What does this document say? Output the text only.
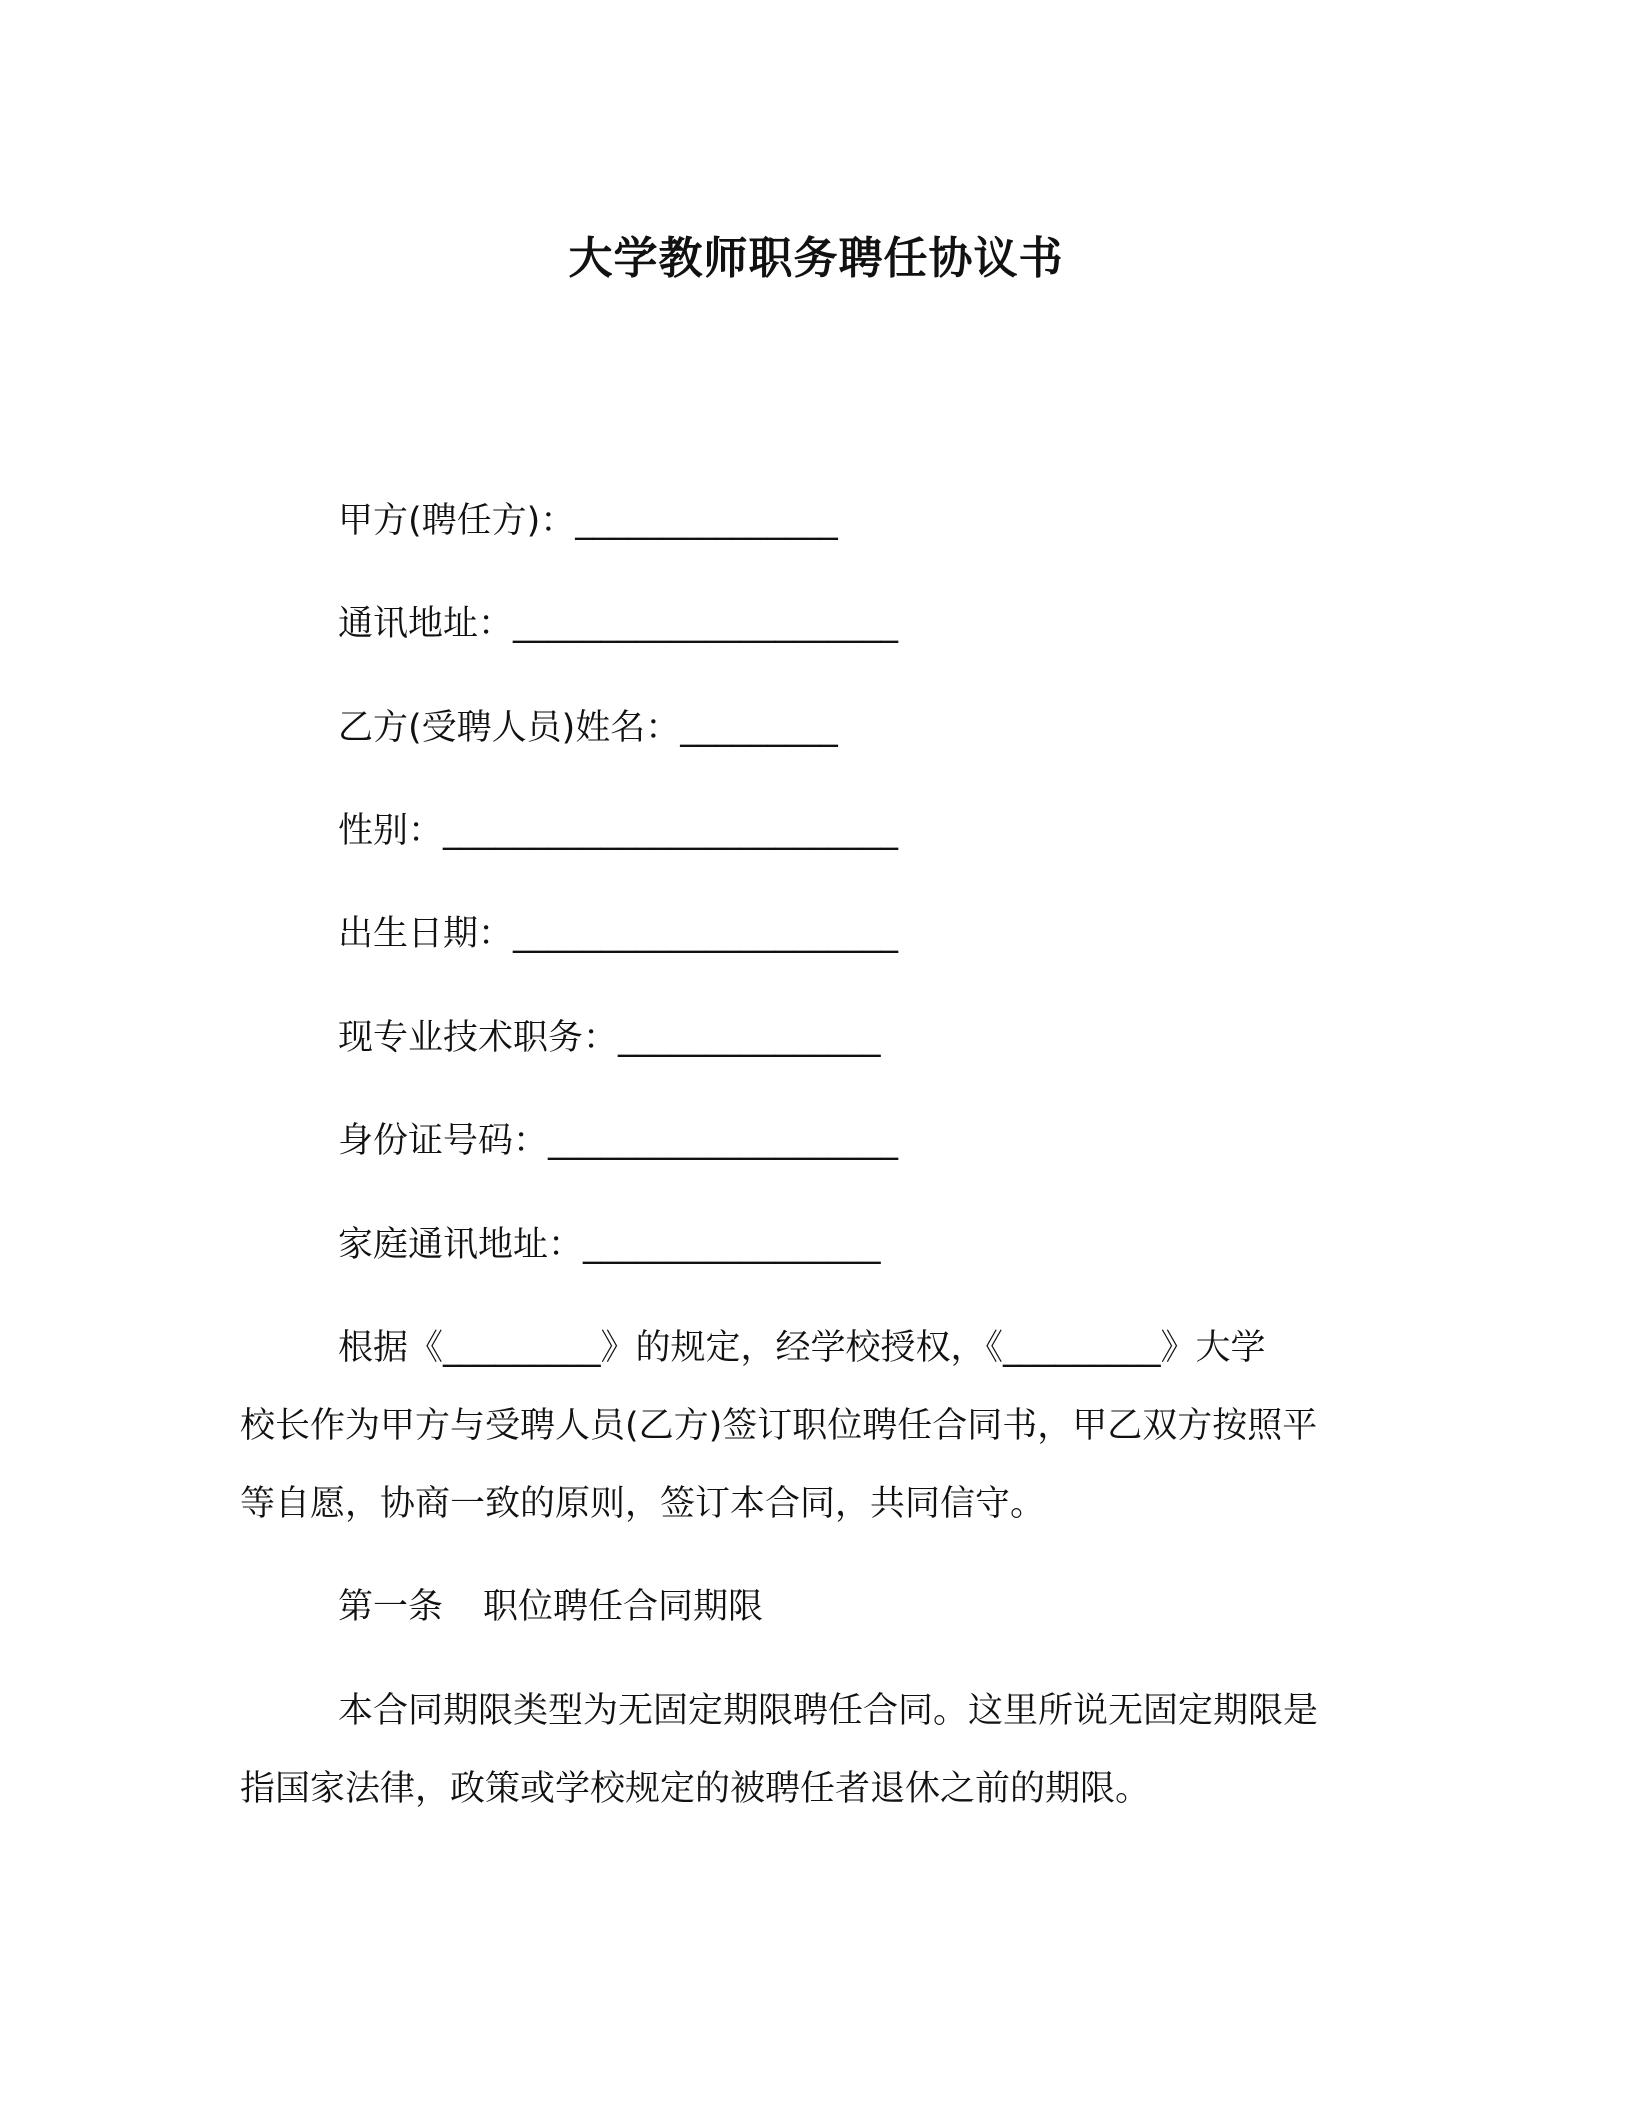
大学教师职务聘任协议书

甲方(聘任方)：_______________

通讯地址：______________________

乙方(受聘人员)姓名：_________

性别：__________________________

出生日期：______________________

现专业技术职务：_______________

身份证号码：____________________

家庭通讯地址：_________________

根据《_________》的规定，经学校授权，《_________》大学

校长作为甲方与受聘人员(乙方)签订职位聘任合同书，甲乙双方按照平

等自愿，协商一致的原则，签订本合同，共同信守。

第一条 职位聘任合同期限

本合同期限类型为无固定期限聘任合同。这里所说无固定期限是

指国家法律，政策或学校规定的被聘任者退休之前的期限。
